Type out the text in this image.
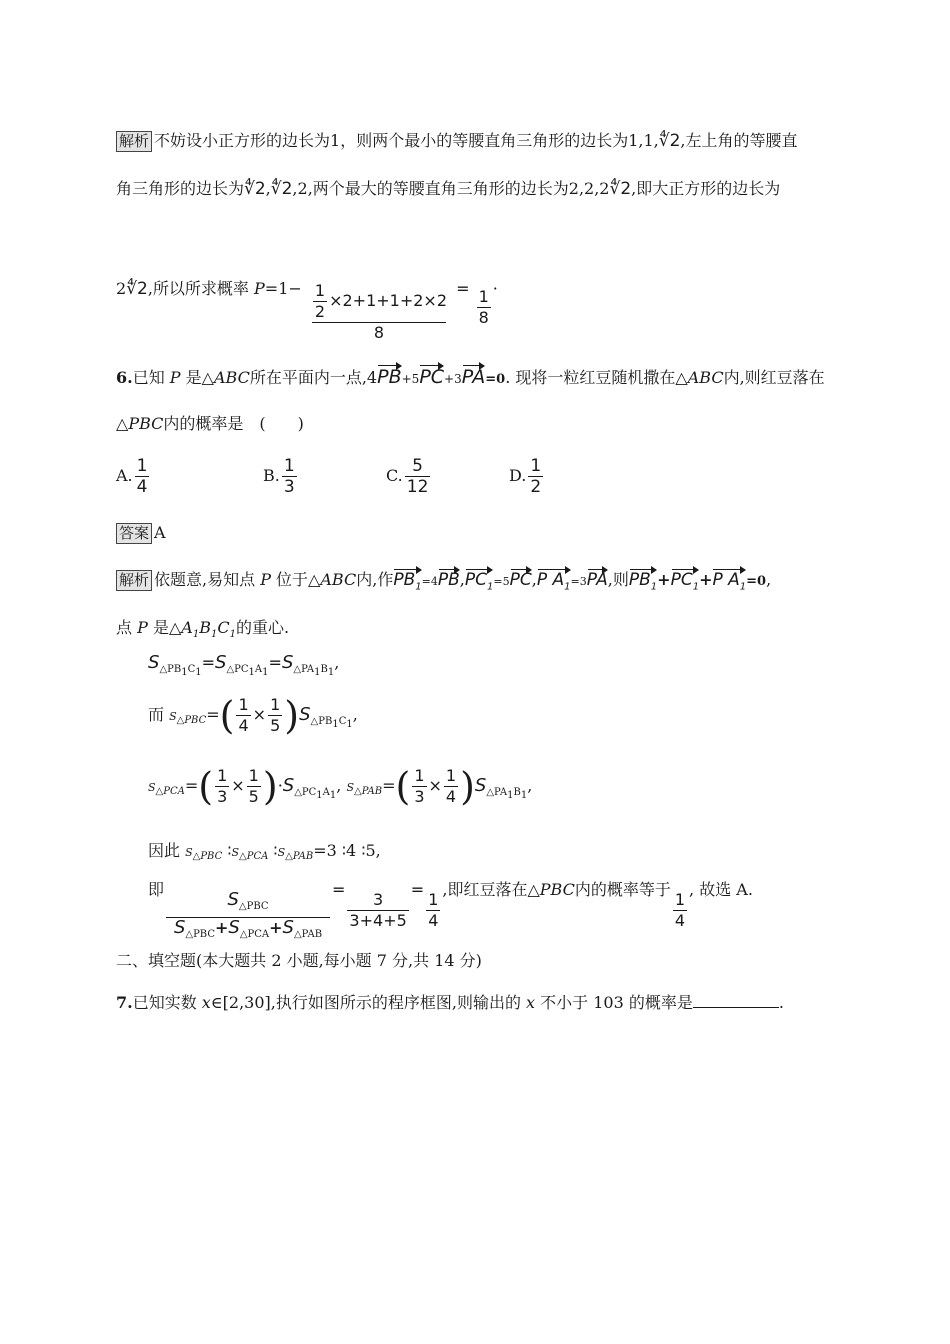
解析 不妨设小正方形的边长为1，则两个最小的等腰直角三角形的边长为1,1,∜2,左上角的等腰直
角三角形的边长为∜2,∜2,2,两个最大的等腰直角三角形的边长为2,2,2∜2,即大正方形的边长为
2∜2,所以所求概率 $P=1- \frac{\frac{1}{2} \times 2+1+1+2\times 2}{8} = \frac{1}{8}$ ·
6.已知 P 是△ABC所在平面内一点,4PB+5PC+3PA=0. 现将一粒红豆随机撒在△ABC内,则红豆落在
△PBC内的概率是　(　　)
A. $\frac{1}{4}$	B. $\frac{1}{3}$	C. $\frac{5}{12}$	D. $\frac{1}{2}$
答案 A
解析 依题意,易知点 P 位于△ABC内,作$PB_1=4PB,PC_1=5PC,P$ $A_1=3PA$,则$PB_1+PC_1+P$ $A_1=0$,
点 P 是$\triangle A_1B_1C_1$的重心.
$S_{\triangle PB_1C_1}=S_{\triangle PC_1A_1}=S_{\triangle PA_1B_1}$,
而 $S_{\triangle PBC}=( \frac{1}{4} \times \frac{1}{5} )S_{\triangle PB_1C_1}$,
$S_{\triangle PCA}=( \frac{1}{3} \times \frac{1}{5} )\cdot S_{\triangle PC_1A_1}$, $S_{\triangle PAB}=( \frac{1}{3} \times \frac{1}{4} )S_{\triangle PA_1B_1}$,
因此 $S_{\triangle PBC}$ $∶S_{\triangle PCA}$ $∶S_{\triangle PAB}=3$ ∶4 ∶5,
即
$\frac{S_{\triangle PBC}}{S_{\triangle PBC}+S_{\triangle PCA}+S_{\triangle PAB}}$
=
$\frac{3}{3+4+5}$
=
$\frac{1}{4}$
,即红豆落在△PBC内的概率等于
$\frac{1}{4}$
, 故选 A.
二、填空题(本大题共 2 小题,每小题 7 分,共 14 分)
7.已知实数 x∈[2,30],执行如图所示的程序框图,则输出的 x 不小于 103 的概率是	.
